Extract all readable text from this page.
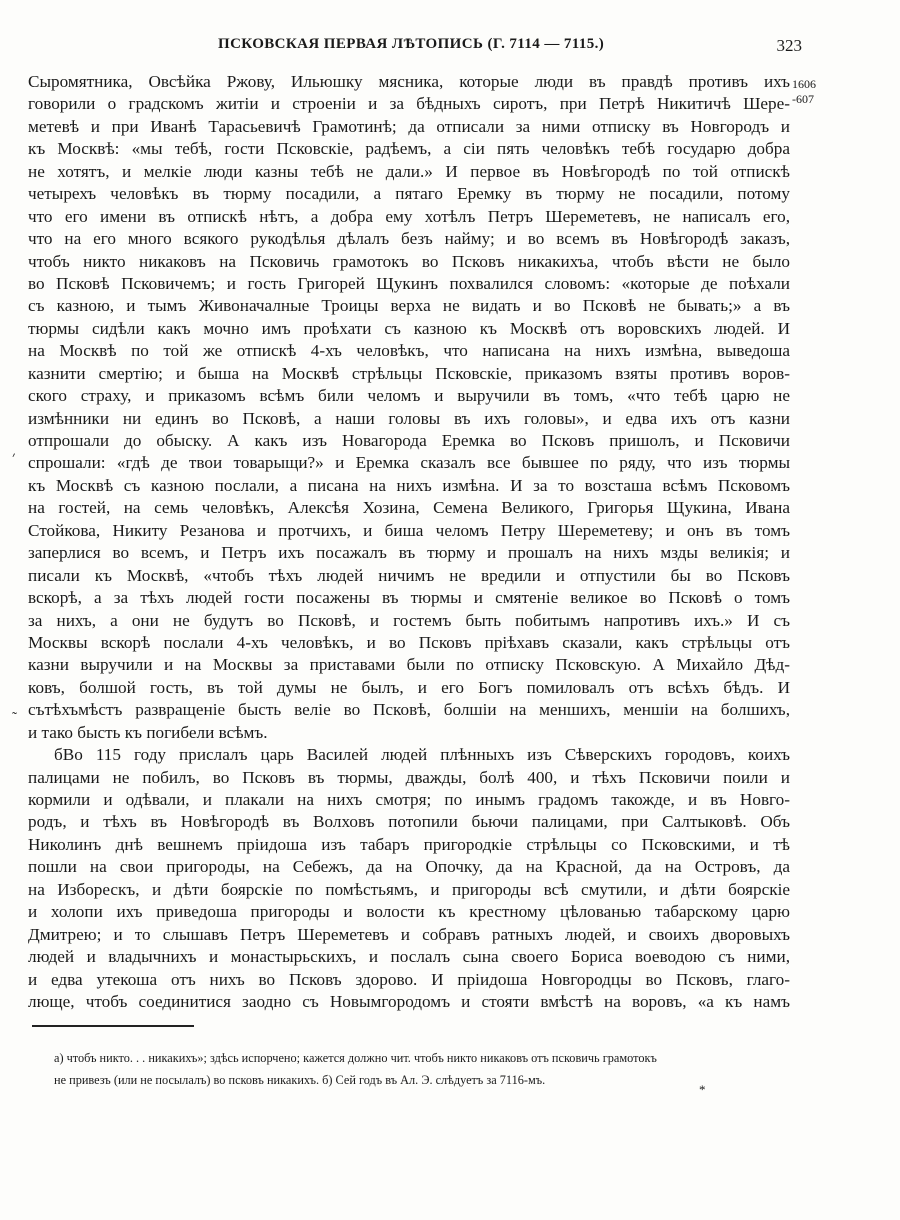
ПСКОВСКАЯ ПЕРВАЯ ЛѢТОПИСЬ (Г. 7114 — 7115.)	323
1606
-607
׳
˜
Сыромятника, Овсѣйка Ржову, Ильюшку мясника, которые люди въ правдѣ противъ ихъ
говорили о градскомъ житіи и строеніи и за бѣдныхъ сиротъ, при Петрѣ Никитичѣ Шере-
метевѣ и при Иванѣ Тарасьевичѣ Грамотинѣ; да отписали за ними отписку въ Новгородъ и
къ Москвѣ: «мы тебѣ, гости Псковскіе, радѣемъ, а сіи пять человѣкъ тебѣ государю добра
не хотятъ, и мелкіе люди казны тебѣ не дали.» И первое въ Новѣгородѣ по той отпискѣ
четырехъ человѣкъ въ тюрму посадили, а пятаго Еремку въ тюрму не посадили, потому
что его имени въ отпискѣ нѣтъ, а добра ему хотѣлъ Петръ Шереметевъ, не написалъ его,
что на его много всякого рукодѣлья дѣлалъ безъ найму; и во всемъ въ Новѣгородѣ заказъ,
чтобъ никто никаковъ на Псковичь грамотокъ во Псковъ никакихъа, чтобъ вѣсти не было
во Псковѣ Псковичемъ; и гость Григорей Щукинъ похвалился словомъ: «которые де поѣхали
съ казною, и тымъ Живоначалные Троицы верха не видать и во Псковѣ не бывать;» а въ
тюрмы сидѣли какъ мочно имъ проѣхати съ казною къ Москвѣ отъ воровскихъ людей. И
на Москвѣ по той же отпискѣ 4-хъ человѣкъ, что написана на нихъ измѣна, выведоша
казнити смертію; и быша на Москвѣ стрѣльцы Псковскіе, приказомъ взяты противъ воров-
ского страху, и приказомъ всѣмъ били челомъ и выручили въ томъ, «что тебѣ царю не
измѣнники ни единъ во Псковѣ, а наши головы въ ихъ головы», и едва ихъ отъ казни
отпрошали до обыску. А какъ изъ Новагорода Еремка во Псковъ пришолъ, и Псковичи
спрошали: «гдѣ де твои товарыщи?» и Еремка сказалъ все бывшее по ряду, что изъ тюрмы
къ Москвѣ съ казною послали, а писана на нихъ измѣна. И за то возсташа всѣмъ Псковомъ
на гостей, на семь человѣкъ, Алексѣя Хозина, Семена Великого, Григорья Щукина, Ивана
Стойкова, Никиту Резанова и протчихъ, и биша челомъ Петру Шереметеву; и онъ въ томъ
заперлися во всемъ, и Петръ ихъ посажалъ въ тюрму и прошалъ на нихъ мзды великія; и
писали къ Москвѣ, «чтобъ тѣхъ людей ничимъ не вредили и отпустили бы во Псковъ
вскорѣ, а за тѣхъ людей гости посажены въ тюрмы и смятеніе великое во Псковѣ о томъ
за нихъ, а они не будутъ во Псковѣ, и гостемъ быть побитымъ напротивъ ихъ.» И съ
Москвы вскорѣ послали 4-хъ человѣкъ, и во Псковъ пріѣхавъ сказали, какъ стрѣльцы отъ
казни выручили и на Москвы за приставами были по отписку Псковскую. А Михайло Дѣд-
ковъ, болшой гость, въ той думы не былъ, и его Богъ помиловалъ отъ всѣхъ бѣдъ. И
сътѣхъмѣстъ развращеніе бысть веліе во Псковѣ, болшіи на меншихъ, меншіи на болшихъ,
и тако бысть къ погибели всѣмъ.
бВо 115 году прислалъ царь Василей людей плѣнныхъ изъ Сѣверскихъ городовъ, коихъ
палицами не побилъ, во Псковъ въ тюрмы, дважды, болѣ 400, и тѣхъ Псковичи поили и
кормили и одѣвали, и плакали на нихъ смотря; по инымъ градомъ такожде, и въ Новго-
родъ, и тѣхъ въ Новѣгородѣ въ Волховъ потопили бьючи палицами, при Салтыковѣ. Объ
Николинъ днѣ вешнемъ пріидоша изъ табаръ пригородкіе стрѣльцы со Псковскими, и тѣ
пошли на свои пригороды, на Себежъ, да на Опочку, да на Красной, да на Островъ, да
на Изборескъ, и дѣти боярскіе по помѣстьямъ, и пригороды всѣ смутили, и дѣти боярскіе
и холопи ихъ приведоша пригороды и волости къ крестному цѣлованью табарскому царю
Дмитрею; и то слышавъ Петръ Шереметевъ и собравъ ратныхъ людей, и своихъ дворовыхъ
людей и владычнихъ и монастырьскихъ, и послалъ сына своего Бориса воеводою съ ними,
и едва утекоша отъ нихъ во Псковъ здорово. И пріидоша Новгородцы во Псковъ, глаго-
люще, чтобъ соединитися заодно съ Новымгородомъ и стояти вмѣстѣ на воровъ, «а къ намъ
а) чтобъ никто. . . никакихъ»; здѣсь испорчено; кажется должно чит. чтобъ никто никаковъ отъ псковичь грамотокъ
не привезъ (или не посылалъ) во псковъ никакихъ. б) Сей годъ въ Ал. Э. слѣдуетъ за 7116-мъ.
*
